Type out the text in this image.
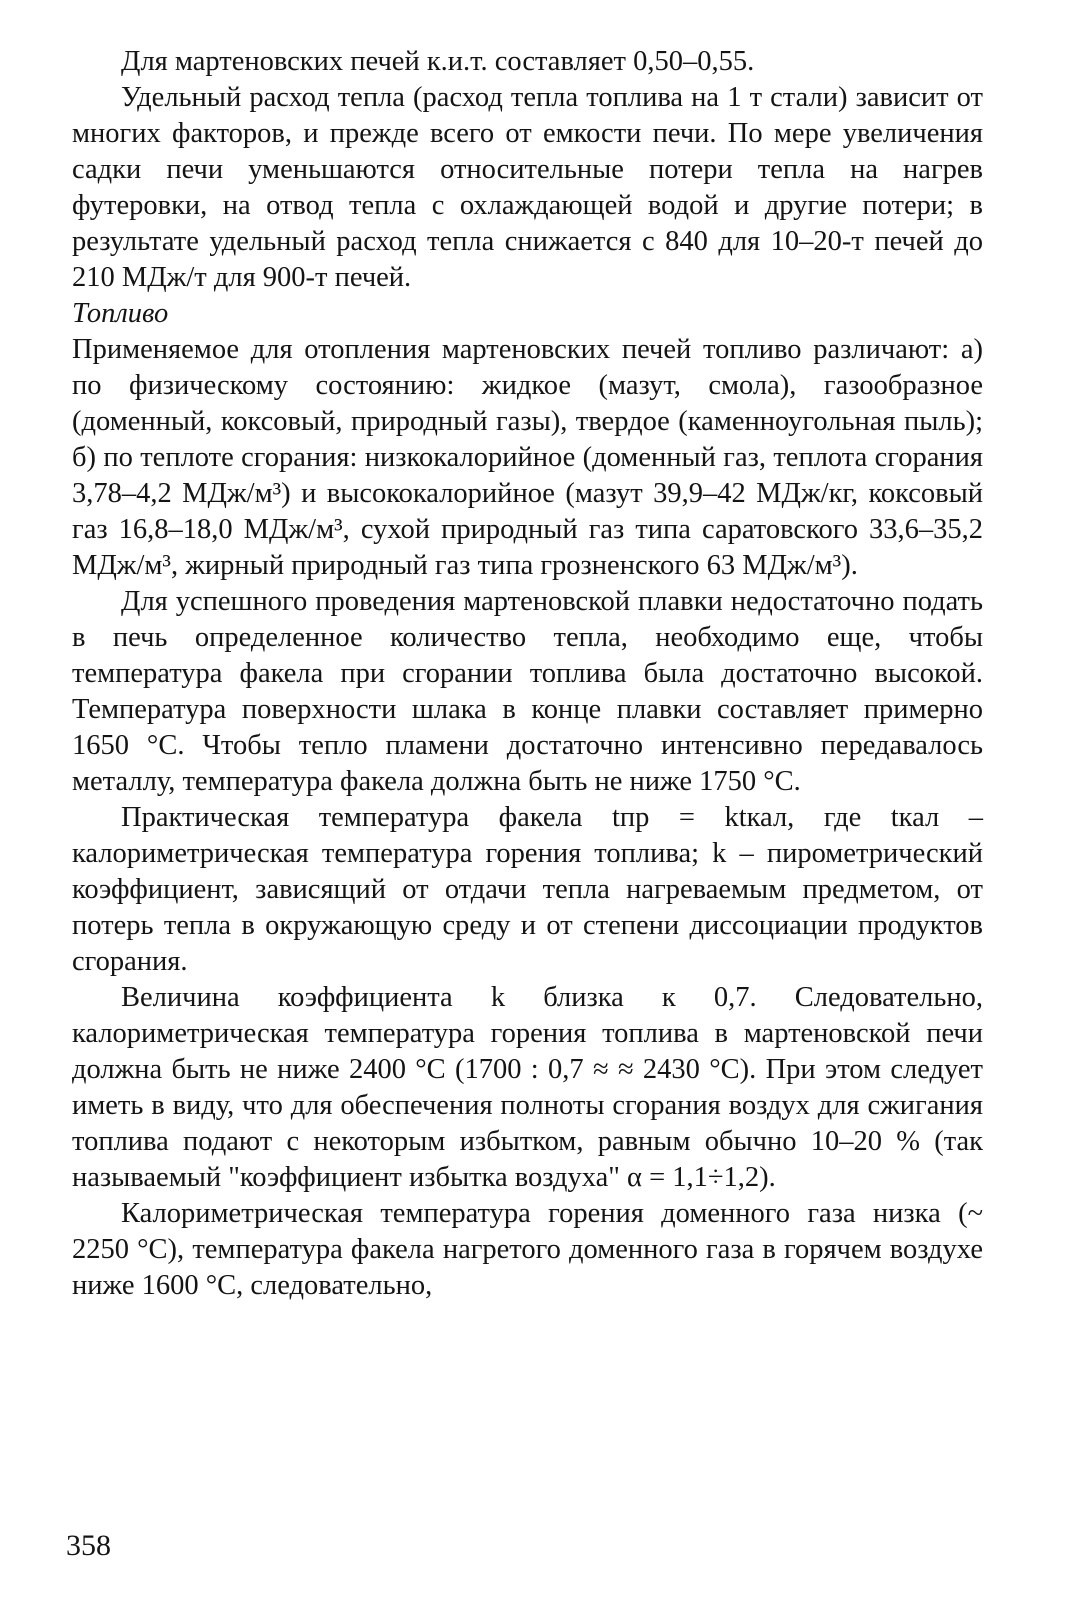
Для мартеновских печей к.и.т. составляет 0,50–0,55.

Удельный расход тепла (расход тепла топлива на 1 т стали) зависит от многих факторов, и прежде всего от емкости печи. По мере увеличения садки печи уменьшаются относительные потери тепла на нагрев футеровки, на отвод тепла с охлаждающей водой и другие потери; в результате удельный расход тепла снижается с 840 для 10–20-т печей до 210 МДж/т для 900-т печей.

Топливо

Применяемое для отопления мартеновских печей топливо различают: а) по физическому состоянию: жидкое (мазут, смола), газообразное (доменный, коксовый, природный газы), твердое (каменноугольная пыль); б) по теплоте сгорания: низкокалорийное (доменный газ, теплота сгорания 3,78–4,2 МДж/м³) и высококалорийное (мазут 39,9–42 МДж/кг, коксовый газ 16,8–18,0 МДж/м³, сухой природный газ типа саратовского 33,6–35,2 МДж/м³, жирный природный газ типа грозненского 63 МДж/м³).

Для успешного проведения мартеновской плавки недостаточно подать в печь определенное количество тепла, необходимо еще, чтобы температура факела при сгорании топлива была достаточно высокой. Температура поверхности шлака в конце плавки составляет примерно 1650 °С. Чтобы тепло пламени достаточно интенсивно передавалось металлу, температура факела должна быть не ниже 1750 °С.

Практическая температура факела tпр = ktкал, где tкал – калориметрическая температура горения топлива; k – пирометрический коэффициент, зависящий от отдачи тепла нагреваемым предметом, от потерь тепла в окружающую среду и от степени диссоциации продуктов сгорания.

Величина коэффициента k близка к 0,7. Следовательно, калориметрическая температура горения топлива в мартеновской печи должна быть не ниже 2400 °С (1700 : 0,7 ≈ ≈ 2430 °С). При этом следует иметь в виду, что для обеспечения полноты сгорания воздух для сжигания топлива подают с некоторым избытком, равным обычно 10–20 % (так называемый "коэффициент избытка воздуха" α = 1,1÷1,2).

Калориметрическая температура горения доменного газа низка (~ 2250 °С), температура факела нагретого доменного газа в горячем воздухе ниже 1600 °С, следовательно,

358
